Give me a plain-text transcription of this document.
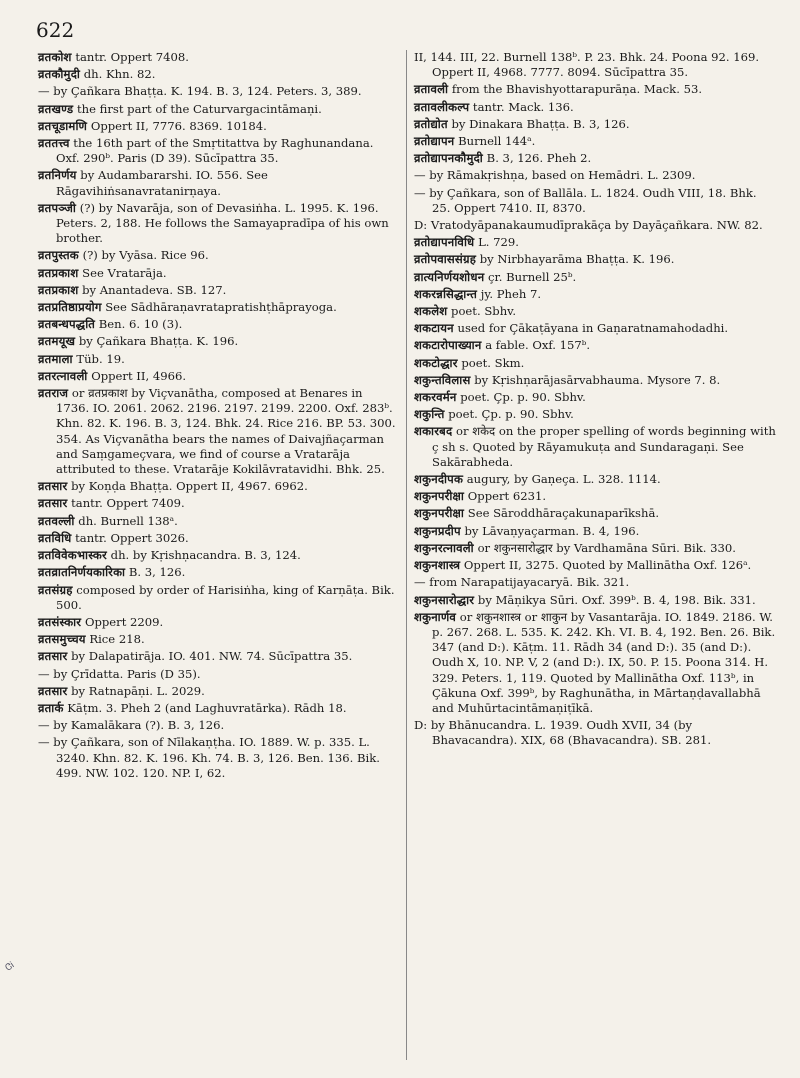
622
व्रतकोश tantr. Oppert 7408.
व्रतकौमुदी dh. Khn. 82.
— by Çañkara Bhaṭṭa. K. 194. B. 3, 124. Peters. 3, 389.
व्रतखण्ड the first part of the Caturvargacintāmaṇi.
व्रतचूडामणि Oppert II, 7776. 8369. 10184.
व्रततत्त्व the 16th part of the Smṛtitattva by Raghunandana. Oxf. 290ᵇ. Paris (D 39). Sūcīpattra 35.
व्रतनिर्णय by Audambararshi. IO. 556. See Rāgavihiṅsanavratanirṇaya.
व्रतपञ्जी (?) by Navarāja, son of Devasiṅha. L. 1995. K. 196. Peters. 2, 188. He follows the Samayapradīpa of his own brother.
व्रतपुस्तक (?) by Vyāsa. Rice 96.
व्रतप्रकाश See Vratarāja.
व्रतप्रकाश by Anantadeva. SB. 127.
व्रतप्रतिष्ठाप्रयोग See Sādhāraṇavratapratishṭhāprayoga.
व्रतबन्धपद्धति Ben. 6. 10 (3).
व्रतमयूख by Çañkara Bhaṭṭa. K. 196.
व्रतमाला Tüb. 19.
व्रतरत्नावली Oppert II, 4966.
व्रतराज or व्रतप्रकाश by Viçvanātha, composed at Benares in 1736. IO. 2061. 2062. 2196. 2197. 2199. 2200. Oxf. 283ᵇ. Khn. 82. K. 196. B. 3, 124. Bhk. 24. Rice 216. BP. 53. 300. 354. As Viçvanātha bears the names of Daivajñaçarman and Saṃgameçvara, we find of course a Vratarāja attributed to these. Vratarāje Kokilāvratavidhi. Bhk. 25.
व्रतसार by Koṇḍa Bhaṭṭa. Oppert II, 4967. 6962.
व्रतसार tantr. Oppert 7409.
व्रतवल्ली dh. Burnell 138ᵃ.
व्रतविधि tantr. Oppert 3026.
व्रतविवेकभास्कर dh. by Kṛishṇacandra. B. 3, 124.
व्रतव्रातनिर्णयकारिका B. 3, 126.
व्रतसंग्रह composed by order of Harisiṅha, king of Karṇāṭa. Bik. 500.
व्रतसंस्कार Oppert 2209.
व्रतसमुच्चय Rice 218.
व्रतसार by Dalapatirāja. IO. 401. NW. 74. Sūcīpattra 35.
— by Çrīdatta. Paris (D 35).
व्रतसार by Ratnapāṇi. L. 2029.
व्रतार्क Kāṭm. 3. Pheh 2 (and Laghuvratārka). Rādh 18.
— by Kamalākara (?). B. 3, 126.
— by Çañkara, son of Nīlakaṇṭha. IO. 1889. W. p. 335. L. 3240. Khn. 82. K. 196. Kh. 74. B. 3, 126. Ben. 136. Bik. 499. NW. 102. 120. NP. I, 62.
II, 144. III, 22. Burnell 138ᵇ. P. 23. Bhk. 24. Poona 92. 169. Oppert II, 4968. 7777. 8094. Sūcīpattra 35.
व्रतावली from the Bhavishyottarapurāṇa. Mack. 53.
व्रतावलीकल्प tantr. Mack. 136.
व्रतोद्योत by Dinakara Bhaṭṭa. B. 3, 126.
व्रतोद्यापन Burnell 144ᵃ.
व्रतोद्यापनकौमुदी B. 3, 126. Pheh 2.
— by Rāmakṛishṇa, based on Hemādri. L. 2309.
— by Çañkara, son of Ballāla. L. 1824. Oudh VIII, 18. Bhk. 25. Oppert 7410. II, 8370.
D: Vratodyāpanakaumudīprakāça by Dayāçañkara. NW. 82.
व्रतोद्यापनविधि L. 729.
व्रतोपवाससंग्रह by Nirbhayarāma Bhaṭṭa. K. 196.
व्रात्यनिर्णयशोधन çr. Burnell 25ᵇ.
शकरन्नसिद्धान्त jy. Pheh 7.
शकलेश poet. Sbhv.
शकटायन used for Çākaṭāyana in Gaṇaratnamahodadhi.
शकटारोपाख्यान a fable. Oxf. 157ᵇ.
शकटोद्धार poet. Skm.
शकुन्तविलास by Kṛishṇarājasārvabhauma. Mysore 7. 8.
शकरवर्मन poet. Çp. p. 90. Sbhv.
शकुन्ति poet. Çp. p. 90. Sbhv.
शकारबद or शकेद on the proper spelling of words beginning with ç sh s. Quoted by Rāyamukuṭa and Sundaragaṇi. See Sakārabheda.
शकुनदीपक augury, by Gaṇeça. L. 328. 1114.
शकुनपरीक्षा Oppert 6231.
शकुनपरीक्षा See Sāroddhāraçakunaparīkshā.
शकुनप्रदीप by Lāvaṇyaçarman. B. 4, 196.
शकुनरत्नावली or शकुनसारोद्धार by Vardhamāna Sūri. Bik. 330.
शकुनशास्त्र Oppert II, 3275. Quoted by Mallinātha Oxf. 126ᵃ.
— from Narapatijayacaryā. Bik. 321.
शकुनसारोद्धार by Māṇikya Sūri. Oxf. 399ᵇ. B. 4, 198. Bik. 331.
शकुनार्णव or शकुनशास्त्र or शाकुन by Vasantarāja. IO. 1849. 2186. W. p. 267. 268. L. 535. K. 242. Kh. VI. B. 4, 192. Ben. 26. Bik. 347 (and D:). Kāṭm. 11. Rādh 34 (and D:). 35 (and D:). Oudh X, 10. NP. V, 2 (and D:). IX, 50. P. 15. Poona 314. H. 329. Peters. 1, 119. Quoted by Mallinātha Oxf. 113ᵇ, in Çākuna Oxf. 399ᵇ, by Raghunātha, in Mārtaṇḍavallabhā and Muhūrtacintāmaṇiṭīkā.
D: by Bhānucandra. L. 1939. Oudh XVII, 34 (by Bhavacandra). XIX, 68 (Bhavacandra). SB. 281.
ᏣᎥ
